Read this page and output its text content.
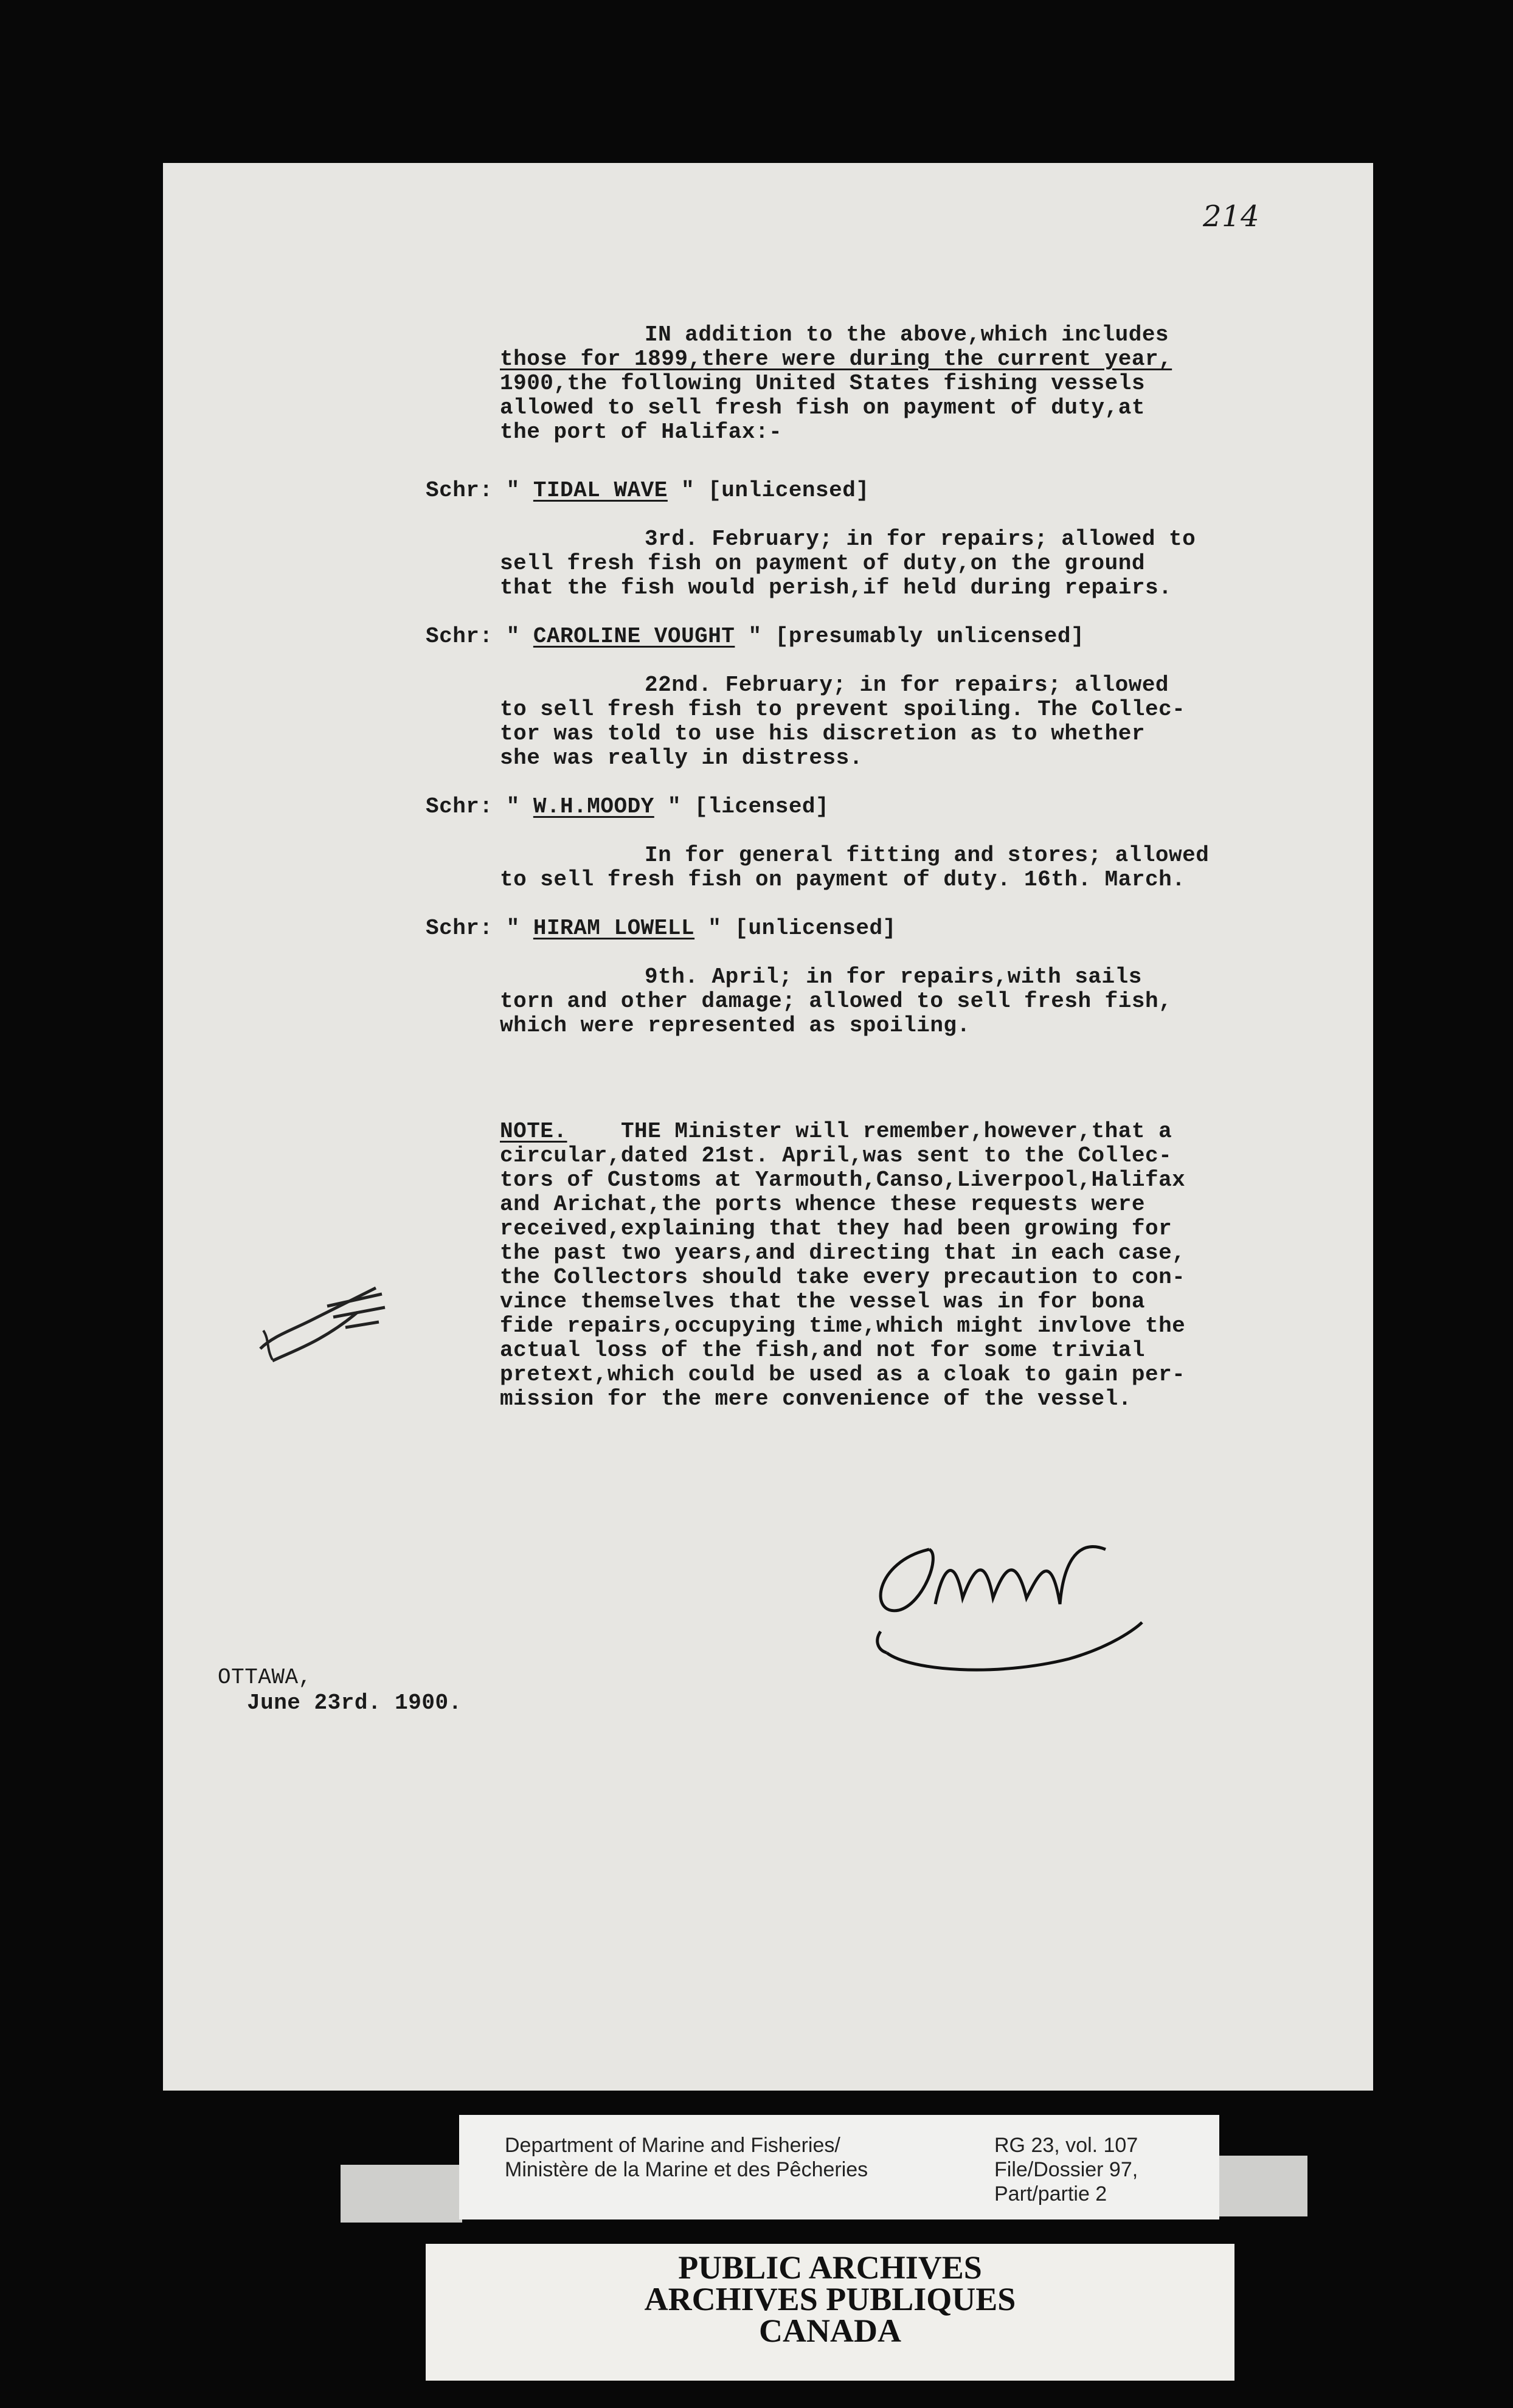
214
IN addition to the above,which includes
those for 1899,there were during the current year,
1900,the following United States fishing vessels
allowed to sell fresh fish on payment of duty,at
the port of Halifax:-
Schr: " TIDAL WAVE " [unlicensed]
3rd. February; in for repairs; allowed to
sell fresh fish on payment of duty,on the ground
that the fish would perish,if held during repairs.
Schr: " CAROLINE VOUGHT " [presumably unlicensed]
22nd. February; in for repairs; allowed
to sell fresh fish to prevent spoiling. The Collec-
tor was told to use his discretion as to whether
she was really in distress.
Schr: " W.H.MOODY " [licensed]
In for general fitting and stores; allowed
to sell fresh fish on payment of duty. 16th. March.
Schr: " HIRAM LOWELL " [unlicensed]
9th. April; in for repairs,with sails
torn and other damage; allowed to sell fresh fish,
which were represented as spoiling.
NOTE. THE Minister will remember,however,that a
circular,dated 21st. April,was sent to the Collec-
tors of Customs at Yarmouth,Canso,Liverpool,Halifax
and Arichat,the ports whence these requests were
received,explaining that they had been growing for
the past two years,and directing that in each case,
the Collectors should take every precaution to con-
vince themselves that the vessel was in for bona
fide repairs,occupying time,which might invlove the
actual loss of the fish,and not for some trivial
pretext,which could be used as a cloak to gain per-
mission for the mere convenience of the vessel.
OTTAWA,
June 23rd. 1900.
Department of Marine and Fisheries/
Ministère de la Marine et des Pêcheries
RG 23, vol. 107
File/Dossier 97,
Part/partie 2
PUBLIC ARCHIVES
ARCHIVES PUBLIQUES
CANADA
